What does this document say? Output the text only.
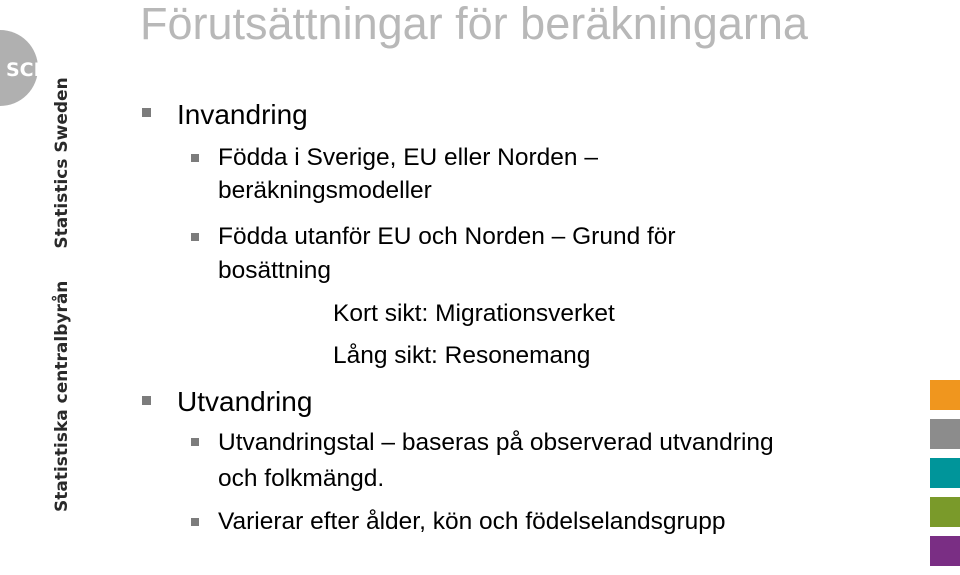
Förutsättningar för beräkningarna
SCB
Statistiska centralbyrånStatistics Sweden	Invandring
Födda i Sverige, EU eller Norden –
beräkningsmodeller
Födda utanför EU och Norden – Grund för
bosättning
Kort sikt: Migrationsverket
Lång sikt: Resonemang
Utvandring
Utvandringstal – baseras på observerad utvandring
och folkmängd.
Varierar efter ålder, kön och födelselandsgrupp
